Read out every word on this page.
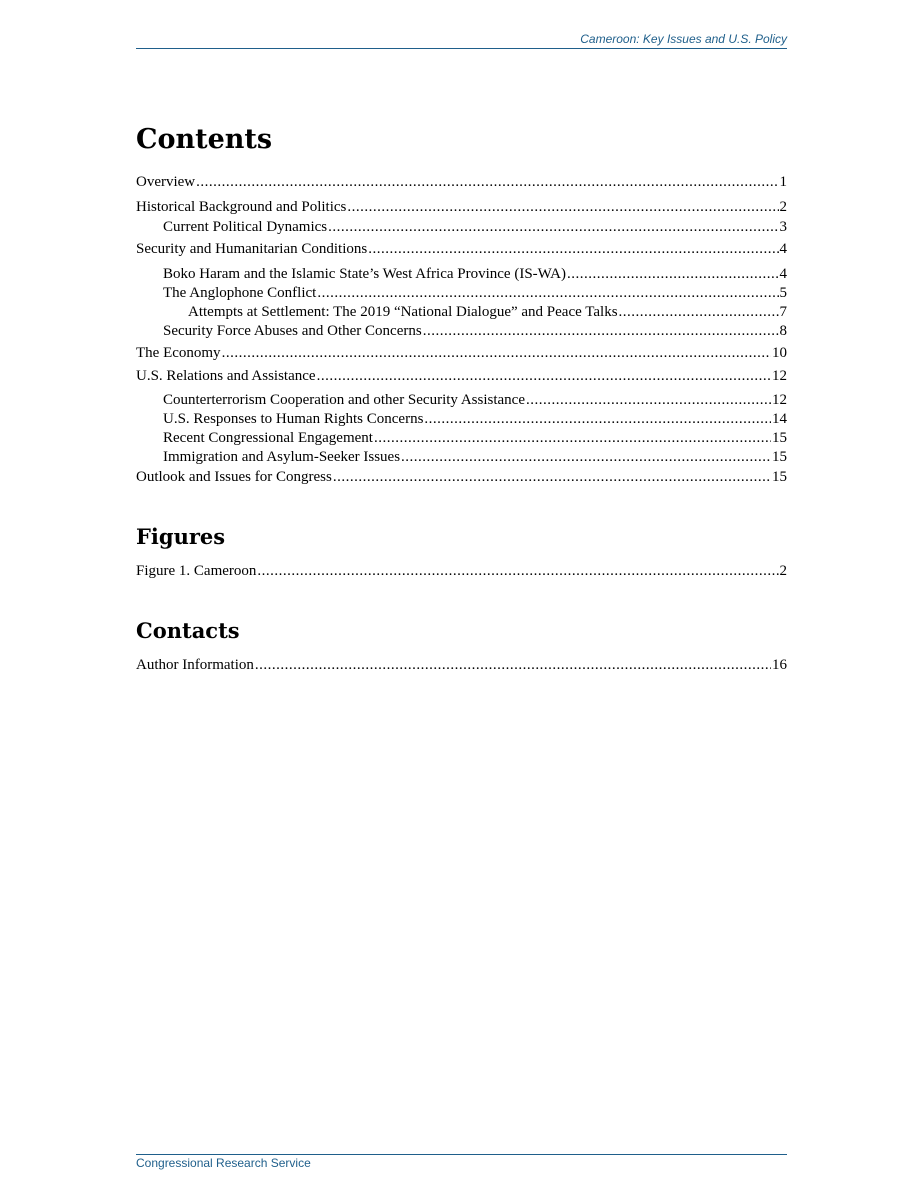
Cameroon: Key Issues and U.S. Policy
Contents
Overview .....	1
Historical Background and Politics .....	2
Current Political Dynamics .....	3
Security and Humanitarian Conditions .....	4
Boko Haram and the Islamic State’s West Africa Province (IS-WA) .....	4
The Anglophone Conflict .....	5
Attempts at Settlement: The 2019 “National Dialogue” and Peace Talks .....	7
Security Force Abuses and Other Concerns .....	8
The Economy .....	10
U.S. Relations and Assistance .....	12
Counterterrorism Cooperation and other Security Assistance .....	12
U.S. Responses to Human Rights Concerns .....	14
Recent Congressional Engagement .....	15
Immigration and Asylum-Seeker Issues .....	15
Outlook and Issues for Congress .....	15
Figures
Figure 1. Cameroon .....	2
Contacts
Author Information .....	16
Congressional Research Service
